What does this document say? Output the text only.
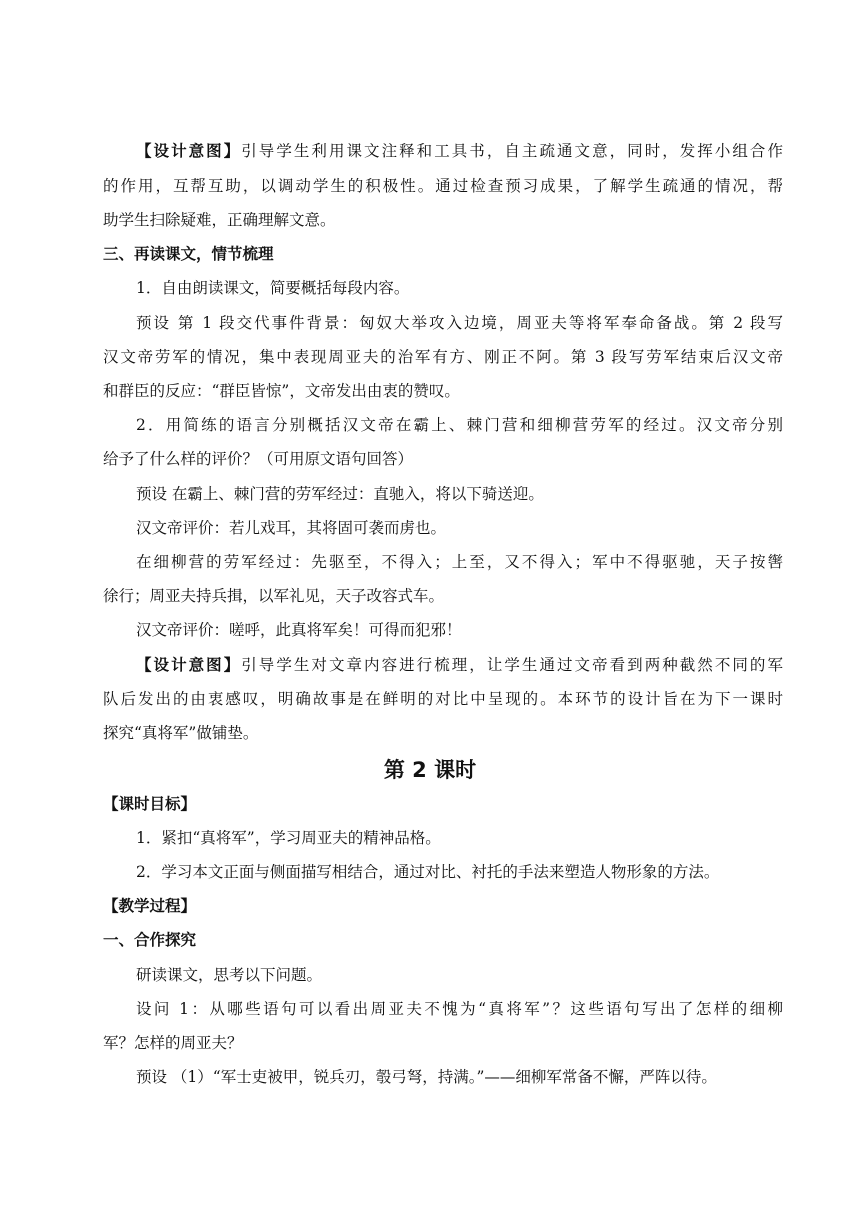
【设计意图】引导学生利用课文注释和工具书，自主疏通文意，同时，发挥小组合作
的作用，互帮互助，以调动学生的积极性。通过检查预习成果，了解学生疏通的情况，帮
助学生扫除疑难，正确理解文意。
三、再读课文，情节梳理
1．自由朗读课文，简要概括每段内容。
预设 第 1 段交代事件背景：匈奴大举攻入边境，周亚夫等将军奉命备战。第 2 段写
汉文帝劳军的情况，集中表现周亚夫的治军有方、刚正不阿。第 3 段写劳军结束后汉文帝
和群臣的反应：“群臣皆惊”，文帝发出由衷的赞叹。
2．用简练的语言分别概括汉文帝在霸上、棘门营和细柳营劳军的经过。汉文帝分别
给予了什么样的评价？（可用原文语句回答）
预设 在霸上、棘门营的劳军经过：直驰入，将以下骑送迎。
汉文帝评价：若儿戏耳，其将固可袭而虏也。
在细柳营的劳军经过：先驱至，不得入；上至，又不得入；军中不得驱驰，天子按辔
徐行；周亚夫持兵揖，以军礼见，天子改容式车。
汉文帝评价：嗟呼，此真将军矣！可得而犯邪！
【设计意图】引导学生对文章内容进行梳理，让学生通过文帝看到两种截然不同的军
队后发出的由衷感叹，明确故事是在鲜明的对比中呈现的。本环节的设计旨在为下一课时
探究“真将军”做铺垫。
第 2 课时
【课时目标】
1．紧扣“真将军”，学习周亚夫的精神品格。
2．学习本文正面与侧面描写相结合，通过对比、衬托的手法来塑造人物形象的方法。
【教学过程】
一、合作探究
研读课文，思考以下问题。
设问 1：从哪些语句可以看出周亚夫不愧为“真将军”？这些语句写出了怎样的细柳
军？怎样的周亚夫？
预设 （1）“军士吏被甲，锐兵刃，彀弓弩，持满。”——细柳军常备不懈，严阵以待。
